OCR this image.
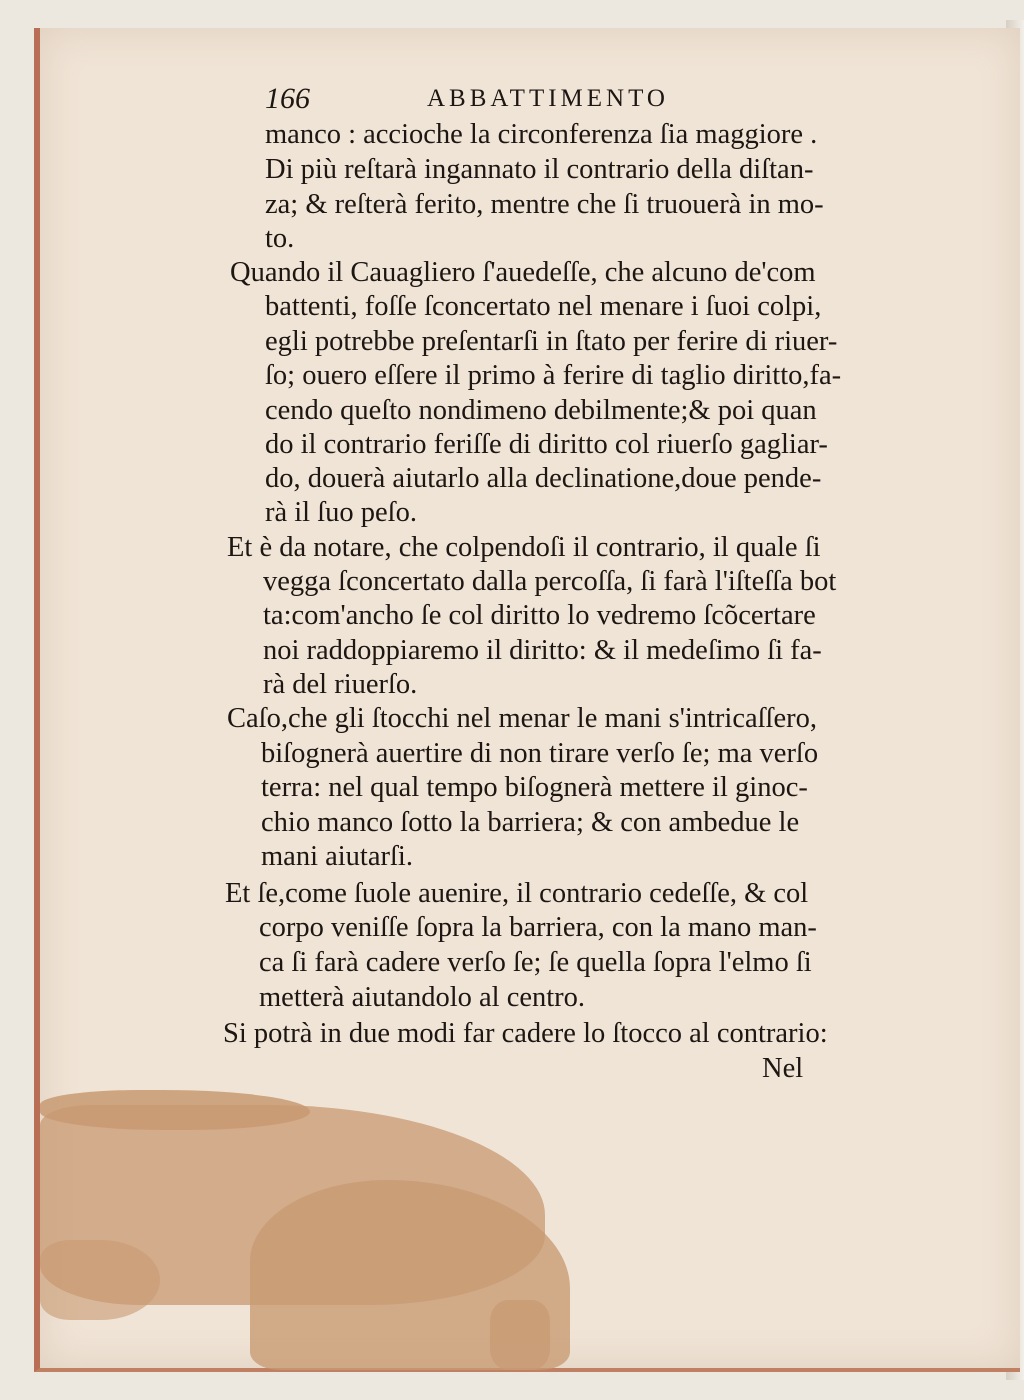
166	ABBATTIMENTO
manco : accioche la circonferenza ſia maggiore .
Di più reſtarà ingannato il contrario della diſtan-
za; & reſterà ferito, mentre che ſi truouerà in mo-
to.
Quando il Cauagliero ſ'auedeſſe, che alcuno de'com
battenti, foſſe ſconcertato nel menare i ſuoi colpi,
egli potrebbe preſentarſi in ſtato per ferire di riuer-
ſo; ouero eſſere il primo à ferire di taglio diritto,fa-
cendo queſto nondimeno debilmente;& poi quan
do il contrario feriſſe di diritto col riuerſo gagliar-
do, douerà aiutarlo alla declinatione,doue pende-
rà il ſuo peſo.
Et è da notare, che colpendoſi il contrario, il quale ſi
vegga ſconcertato dalla percoſſa, ſi farà l'iſteſſa bot
ta:com'ancho ſe col diritto lo vedremo ſcõcertare
noi raddoppiaremo il diritto: & il medeſimo ſi fa-
rà del riuerſo.
Caſo,che gli ſtocchi nel menar le mani s'intricaſſero,
biſognerà auertire di non tirare verſo ſe; ma verſo
terra: nel qual tempo biſognerà mettere il ginoc-
chio manco ſotto la barriera; & con ambedue le
mani aiutarſi.
Et ſe,come ſuole auenire, il contrario cedeſſe, & col
corpo veniſſe ſopra la barriera, con la mano man-
ca ſi farà cadere verſo ſe; ſe quella ſopra l'elmo ſi
metterà aiutandolo al centro.
Si potrà in due modi far cadere lo ſtocco al contrario:
Nel
